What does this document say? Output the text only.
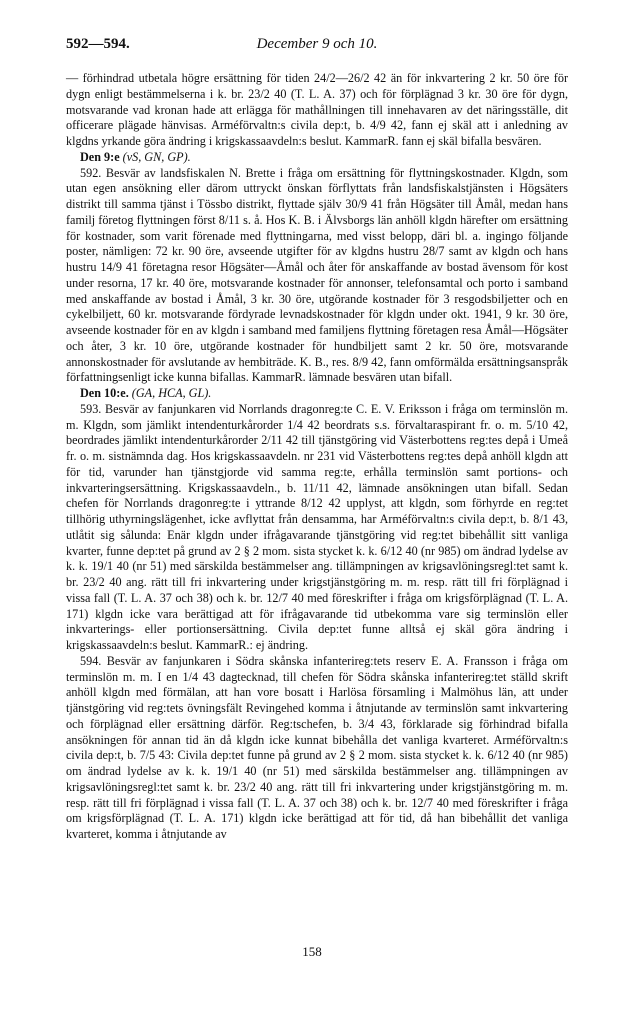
592—594.	December 9 och 10.

— förhindrad utbetala högre ersättning för tiden 24/2—26/2 42 än för inkvartering 2 kr. 50 öre för dygn enligt bestämmelserna i k. br. 23/2 40 (T. L. A. 37) och för förplägnad 3 kr. 30 öre för dygn, motsvarande vad kronan hade att erlägga för mathållningen till innehavaren av det näringsställe, dit officerare plägade hänvisas. Arméförvaltn:s civila dep:t, b. 4/9 42, fann ej skäl att i anledning av klgdns yrkande göra ändring i krigskassaavdeln:s beslut. KammarR. fann ej skäl bifalla besvären.

Den 9:e (vS, GN, GP).

592. Besvär av landsfiskalen N. Brette i fråga om ersättning för flyttningskostnader. Klgdn, som utan egen ansökning eller därom uttryckt önskan förflyttats från landsfiskalstjänsten i Högsäters distrikt till samma tjänst i Tössbo distrikt, flyttade själv 30/9 41 från Högsäter till Åmål, medan hans familj företog flyttningen först 8/11 s. å. Hos K. B. i Älvsborgs län anhöll klgdn härefter om ersättning för kostnader, som varit förenade med flyttningarna, med visst belopp, däri bl. a. ingingo följande poster, nämligen: 72 kr. 90 öre, avseende utgifter för av klgdns hustru 28/7 samt av klgdn och hans hustru 14/9 41 företagna resor Högsäter—Åmål och åter för anskaffande av bostad ävensom för kost under resorna, 17 kr. 40 öre, motsvarande kostnader för annonser, telefonsamtal och porto i samband med anskaffande av bostad i Åmål, 3 kr. 30 öre, utgörande kostnader för 3 resgodsbiljetter och en cykelbiljett, 60 kr. motsvarande fördyrade levnadskostnader för klgdn under okt. 1941, 9 kr. 30 öre, avseende kostnader för en av klgdn i samband med familjens flyttning företagen resa Åmål—Högsäter och åter, 3 kr. 10 öre, utgörande kostnader för hundbiljett samt 2 kr. 50 öre, motsvarande annonskostnader för avslutande av hembiträde. K. B., res. 8/9 42, fann omförmälda ersättningsanspråk författningsenligt icke kunna bifallas. KammarR. lämnade besvären utan bifall.

Den 10:e. (GA, HCA, GL).

593. Besvär av fanjunkaren vid Norrlands dragonreg:te C. E. V. Eriksson i fråga om terminslön m. m. Klgdn, som jämlikt intendenturkårorder 1/4 42 beordrats s.s. förvaltaraspirant fr. o. m. 5/10 42, beordrades jämlikt intendenturkårorder 2/11 42 till tjänstgöring vid Västerbottens reg:tes depå i Umeå fr. o. m. sistnämnda dag. Hos krigskassaavdeln. nr 231 vid Västerbottens reg:tes depå anhöll klgdn att för tid, varunder han tjänstgjorde vid samma reg:te, erhålla terminslön samt portions- och inkvarteringsersättning. Krigskassaavdeln., b. 11/11 42, lämnade ansökningen utan bifall. Sedan chefen för Norrlands dragonreg:te i yttrande 8/12 42 upplyst, att klgdn, som förhyrde en reg:tet tillhörig uthyrningslägenhet, icke avflyttat från densamma, har Arméförvaltn:s civila dep:t, b. 8/1 43, utlåtit sig sålunda: Enär klgdn under ifrågavarande tjänstgöring vid reg:tet bibehållit sitt vanliga kvarter, funne dep:tet på grund av 2 § 2 mom. sista stycket k. k. 6/12 40 (nr 985) om ändrad lydelse av k. k. 19/1 40 (nr 51) med särskilda bestämmelser ang. tillämpningen av krigsavlöningsregl:tet samt k. br. 23/2 40 ang. rätt till fri inkvartering under krigstjänstgöring m. m. resp. rätt till fri förplägnad i vissa fall (T. L. A. 37 och 38) och k. br. 12/7 40 med föreskrifter i fråga om krigsförplägnad (T. L. A. 171) klgdn icke vara berättigad att för ifrågavarande tid utbekomma vare sig terminslön eller inkvarterings- eller portionsersättning. Civila dep:tet funne alltså ej skäl göra ändring i krigskassaavdeln:s beslut. KammarR.: ej ändring.

594. Besvär av fanjunkaren i Södra skånska infanterireg:tets reserv E. A. Fransson i fråga om terminslön m. m. I en 1/4 43 dagtecknad, till chefen för Södra skånska infanterireg:tet ställd skrift anhöll klgdn med förmälan, att han vore bosatt i Harlösa församling i Malmöhus län, att under tjänstgöring vid reg:tets övningsfält Revingehed komma i åtnjutande av terminslön samt inkvartering och förplägnad eller ersättning därför. Reg:tschefen, b. 3/4 43, förklarade sig förhindrad bifalla ansökningen för annan tid än då klgdn icke kunnat bibehålla det vanliga kvarteret. Arméförvaltn:s civila dep:t, b. 7/5 43: Civila dep:tet funne på grund av 2 § 2 mom. sista stycket k. k. 6/12 40 (nr 985) om ändrad lydelse av k. k. 19/1 40 (nr 51) med särskilda bestämmelser ang. tillämpningen av krigsavlöningsregl:tet samt k. br. 23/2 40 ang. rätt till fri inkvartering under krigstjänstgöring m. m. resp. rätt till fri förplägnad i vissa fall (T. L. A. 37 och 38) och k. br. 12/7 40 med föreskrifter i fråga om krigsförplägnad (T. L. A. 171) klgdn icke berättigad att för tid, då han bibehållit det vanliga kvarteret, komma i åtnjutande av

158
